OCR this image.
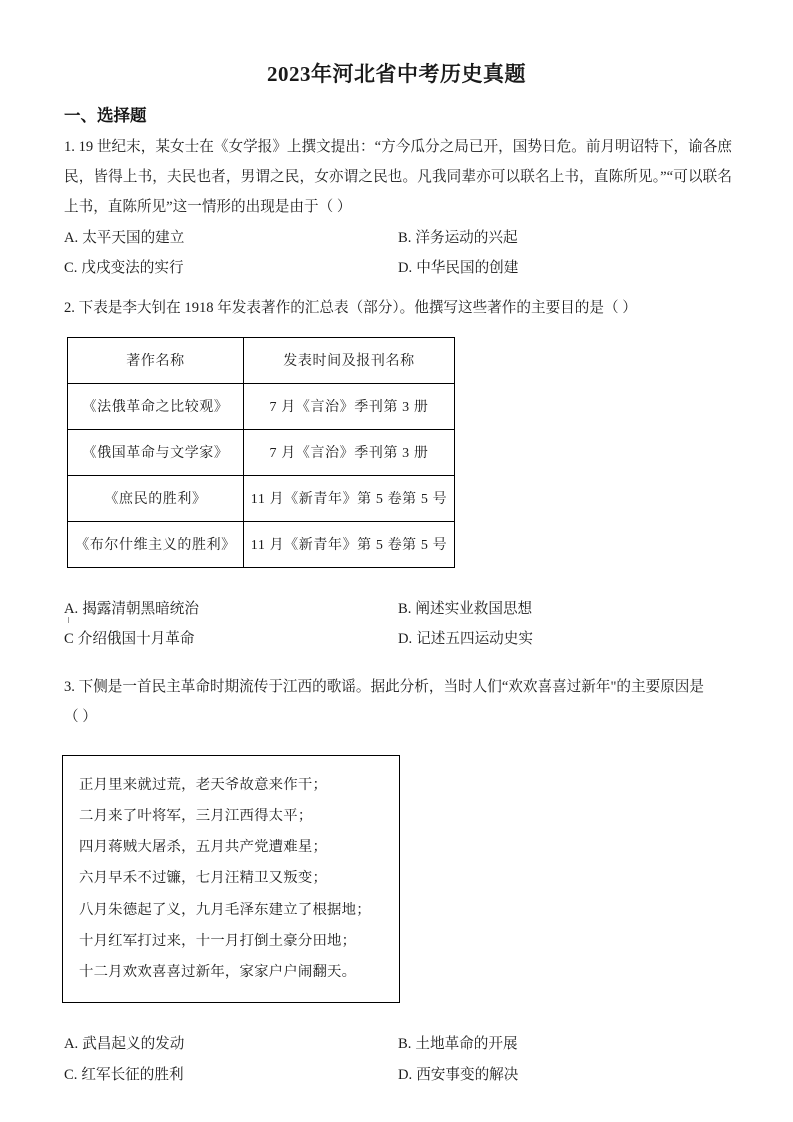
2023年河北省中考历史真题
一、选择题
1. 19 世纪末，某女士在《女学报》上撰文提出：“方今瓜分之局已开，国势日危。前月明诏特下，谕各庶民，皆得上书，夫民也者，男谓之民，女亦谓之民也。凡我同辈亦可以联名上书，直陈所见。”“可以联名上书，直陈所见”这一情形的出现是由于（ ）
A. 太平天国的建立	B. 洋务运动的兴起
C. 戊戌变法的实行	D. 中华民国的创建
2. 下表是李大钊在 1918 年发表著作的汇总表（部分）。他撰写这些著作的主要目的是（ ）
著作名称	发表时间及报刊名称
《法俄革命之比较观》	7 月《言治》季刊第 3 册
《俄国革命与文学家》	7 月《言治》季刊第 3 册
《庶民的胜利》	11 月《新青年》第 5 卷第 5 号
《布尔什维主义的胜利》	11 月《新青年》第 5 卷第 5 号
A. 揭露清朝黑暗统治	B. 阐述实业救国思想
C 介绍俄国十月革命	D. 记述五四运动史实
3. 下侧是一首民主革命时期流传于江西的歌谣。据此分析，当时人们“欢欢喜喜过新年"的主要原因是
（ ）
正月里来就过荒，老天爷故意来作干；
二月来了叶将军，三月江西得太平；
四月蒋贼大屠杀，五月共产党遭难星；
六月早禾不过镰，七月汪精卫又叛变；
八月朱德起了义，九月毛泽东建立了根据地；
十月红军打过来，十一月打倒土豪分田地；
十二月欢欢喜喜过新年，家家户户闹翻天。
A. 武昌起义的发动	B. 土地革命的开展
C. 红军长征的胜利	D. 西安事变的解决
